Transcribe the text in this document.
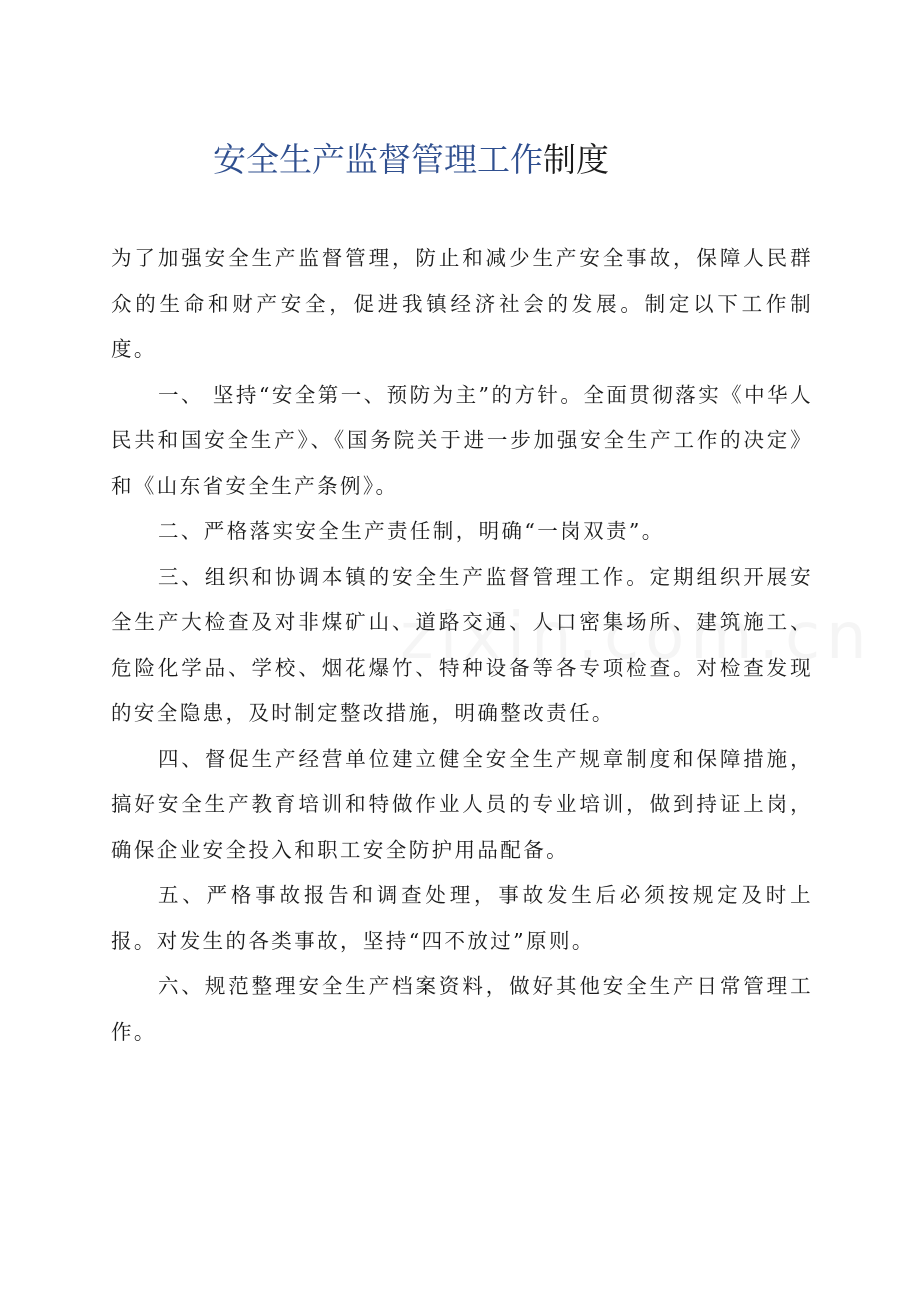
安全生产监督管理工作制度

为了加强安全生产监督管理，防止和减少生产安全事故，保障人民群众的生命和财产安全，促进我镇经济社会的发展。制定以下工作制度。

一、 坚持“安全第一、预防为主”的方针。全面贯彻落实《中华人民共和国安全生产》、《国务院关于进一步加强安全生产工作的决定》和《山东省安全生产条例》。

二、严格落实安全生产责任制，明确“一岗双责”。

三、组织和协调本镇的安全生产监督管理工作。定期组织开展安全生产大检查及对非煤矿山、道路交通、人口密集场所、建筑施工、危险化学品、学校、烟花爆竹、特种设备等各专项检查。对检查发现的安全隐患，及时制定整改措施，明确整改责任。

四、督促生产经营单位建立健全安全生产规章制度和保障措施，搞好安全生产教育培训和特做作业人员的专业培训，做到持证上岗，确保企业安全投入和职工安全防护用品配备。

五、严格事故报告和调查处理，事故发生后必须按规定及时上报。对发生的各类事故，坚持“四不放过”原则。

六、规范整理安全生产档案资料，做好其他安全生产日常管理工作。
